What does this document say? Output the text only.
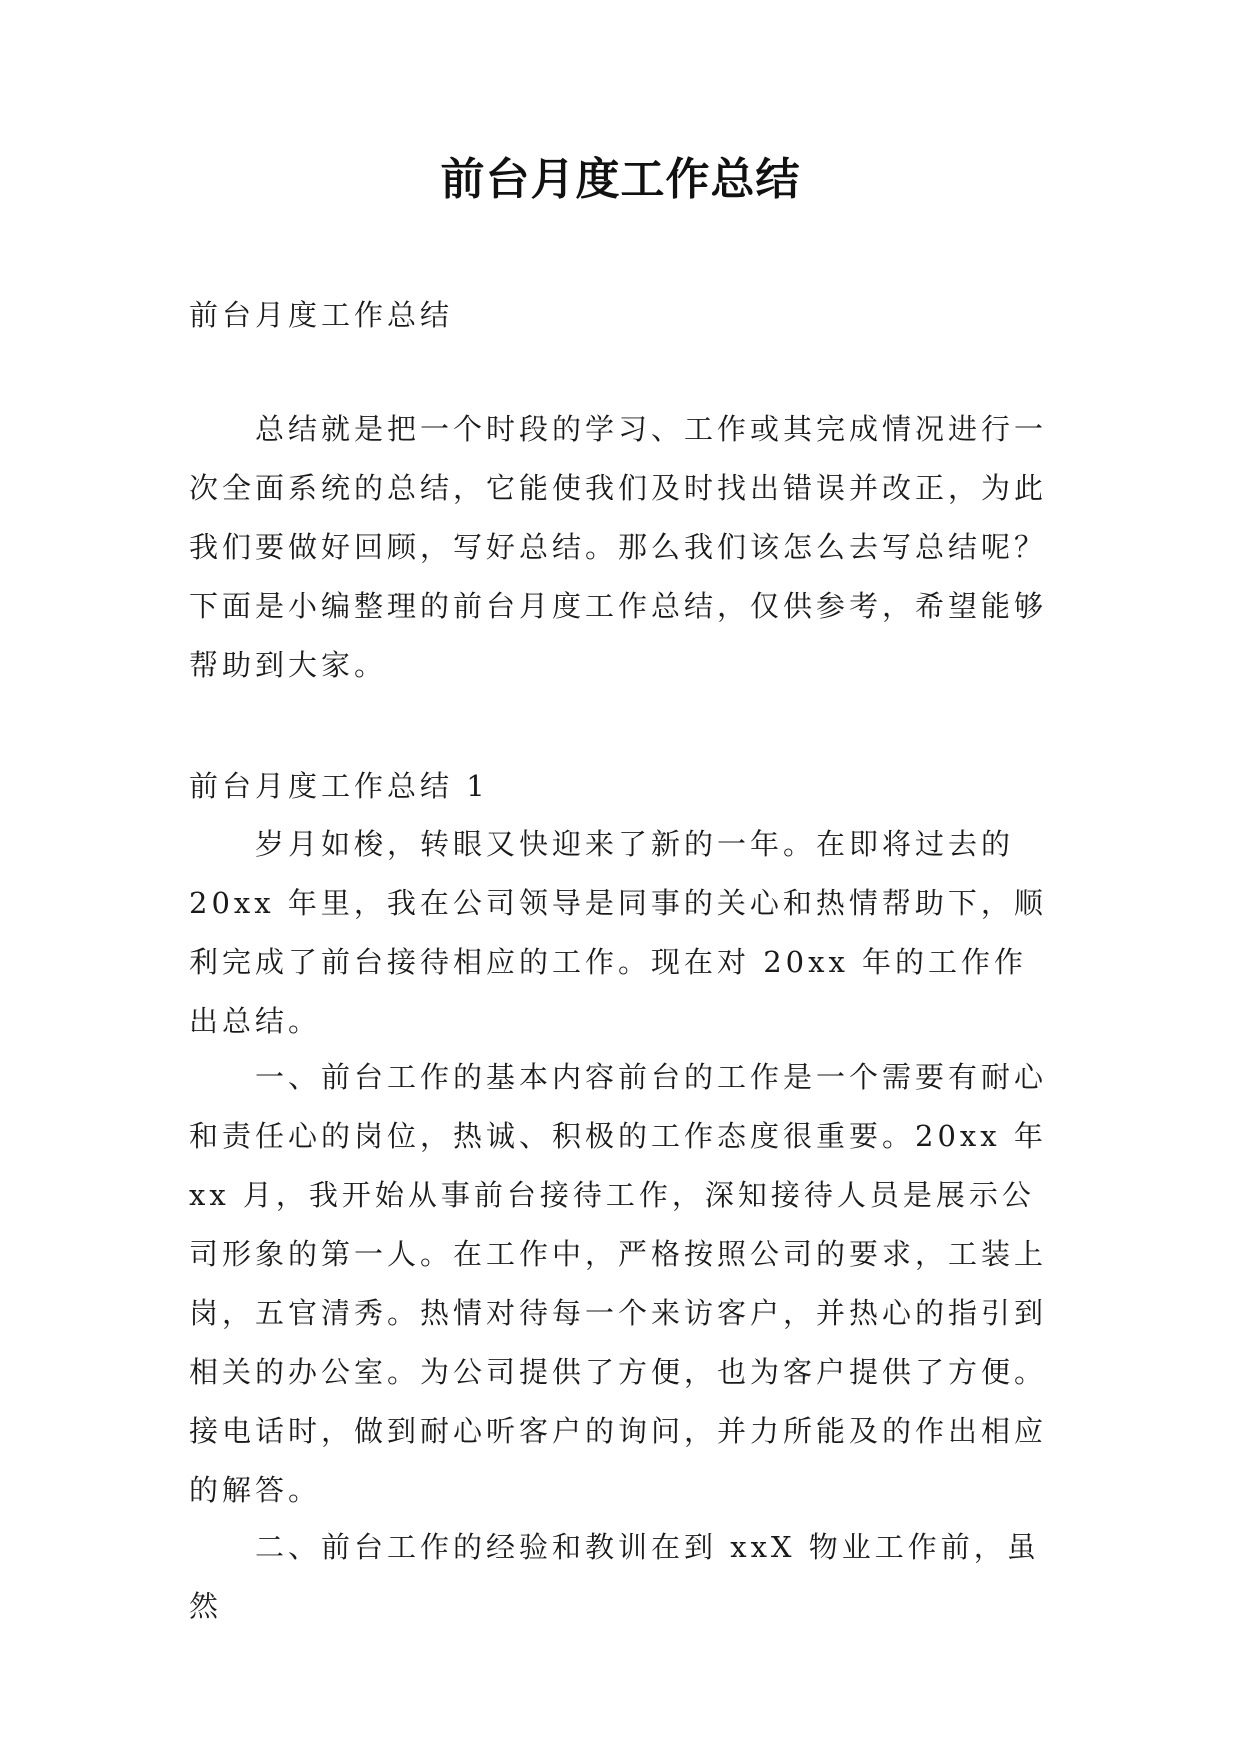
前台月度工作总结

前台月度工作总结

总结就是把一个时段的学习、工作或其完成情况进行一次全面系统的总结，它能使我们及时找出错误并改正，为此我们要做好回顾，写好总结。那么我们该怎么去写总结呢？下面是小编整理的前台月度工作总结，仅供参考，希望能够帮助到大家。

前台月度工作总结 1

岁月如梭，转眼又快迎来了新的一年。在即将过去的20xx 年里，我在公司领导是同事的关心和热情帮助下，顺利完成了前台接待相应的工作。现在对 20xx 年的工作作出总结。

一、前台工作的基本内容前台的工作是一个需要有耐心和责任心的岗位，热诚、积极的工作态度很重要。20xx 年 xx 月，我开始从事前台接待工作，深知接待人员是展示公司形象的第一人。在工作中，严格按照公司的要求，工装上岗，五官清秀。热情对待每一个来访客户，并热心的指引到相关的办公室。为公司提供了方便，也为客户提供了方便。接电话时，做到耐心听客户的询问，并力所能及的作出相应的解答。

二、前台工作的经验和教训在到 xxX 物业工作前，虽然
